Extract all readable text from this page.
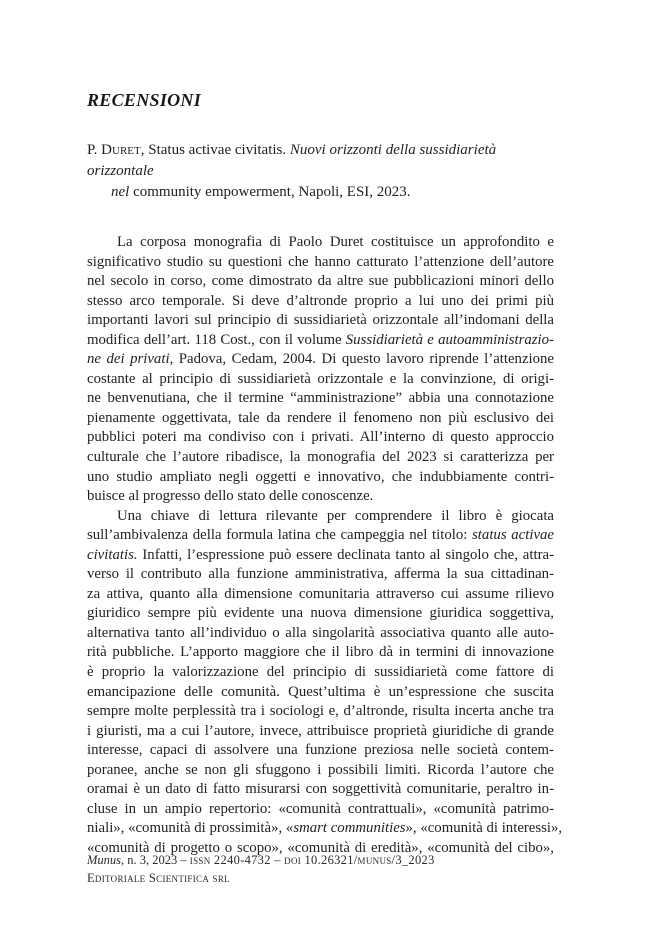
RECENSIONI
P. Duret, Status activae civitatis. Nuovi orizzonti della sussidiarietà orizzontale
nel community empowerment, Napoli, ESI, 2023.
La corposa monografia di Paolo Duret costituisce un approfondito e
significativo studio su questioni che hanno catturato l’attenzione dell’autore
nel secolo in corso, come dimostrato da altre sue pubblicazioni minori dello
stesso arco temporale. Si deve d’altronde proprio a lui uno dei primi più
importanti lavori sul principio di sussidiarietà orizzontale all’indomani della
modifica dell’art. 118 Cost., con il volume Sussidiarietà e autoamministrazio-
ne dei privati, Padova, Cedam, 2004. Di questo lavoro riprende l’attenzione
costante al principio di sussidiarietà orizzontale e la convinzione, di origi-
ne benvenutiana, che il termine “amministrazione” abbia una connotazione
pienamente oggettivata, tale da rendere il fenomeno non più esclusivo dei
pubblici poteri ma condiviso con i privati. All’interno di questo approccio
culturale che l’autore ribadisce, la monografia del 2023 si caratterizza per
uno studio ampliato negli oggetti e innovativo, che indubbiamente contri-
buisce al progresso dello stato delle conoscenze.
Una chiave di lettura rilevante per comprendere il libro è giocata
sull’ambivalenza della formula latina che campeggia nel titolo: status activae
civitatis. Infatti, l’espressione può essere declinata tanto al singolo che, attra-
verso il contributo alla funzione amministrativa, afferma la sua cittadinan-
za attiva, quanto alla dimensione comunitaria attraverso cui assume rilievo
giuridico sempre più evidente una nuova dimensione giuridica soggettiva,
alternativa tanto all’individuo o alla singolarità associativa quanto alle auto-
rità pubbliche. L’apporto maggiore che il libro dà in termini di innovazione
è proprio la valorizzazione del principio di sussidiarietà come fattore di
emancipazione delle comunità. Quest’ultima è un’espressione che suscita
sempre molte perplessità tra i sociologi e, d’altronde, risulta incerta anche tra
i giuristi, ma a cui l’autore, invece, attribuisce proprietà giuridiche di grande
interesse, capaci di assolvere una funzione preziosa nelle società contem-
poranee, anche se non gli sfuggono i possibili limiti. Ricorda l’autore che
oramai è un dato di fatto misurarsi con soggettività comunitarie, peraltro in-
cluse in un ampio repertorio: «comunità contrattuali», «comunità patrimo-
niali», «comunità di prossimità», «smart communities», «comunità di interessi»,
«comunità di progetto o scopo», «comunità di eredità», «comunità del cibo»,
Munus, n. 3, 2023 – issn 2240-4732 – doi 10.26321/munus/3_2023
Editoriale Scientifica srl
